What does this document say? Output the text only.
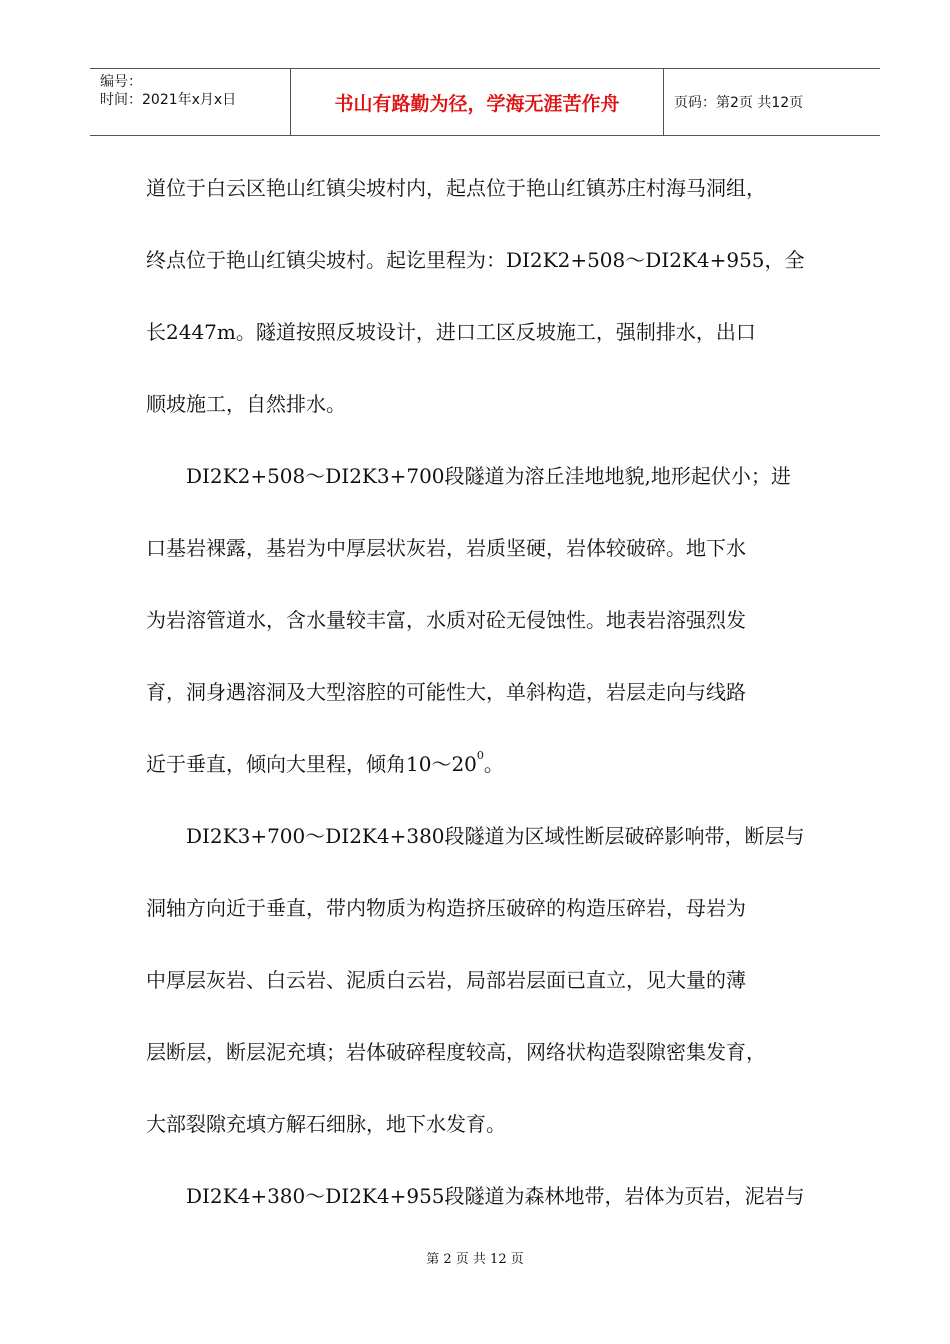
编号：
时间：2021年x月x日	书山有路勤为径，学海无涯苦作舟	页码：第2页 共12页
道位于白云区艳山红镇尖坡村内，起点位于艳山红镇苏庄村海马洞组，
终点位于艳山红镇尖坡村。起讫里程为：DI2K2+508～DI2K4+955，全
长2447m。隧道按照反坡设计，进口工区反坡施工，强制排水，出口
顺坡施工，自然排水。
DI2K2+508～DI2K3+700段隧道为溶丘洼地地貌,地形起伏小；进
口基岩裸露，基岩为中厚层状灰岩，岩质坚硬，岩体较破碎。地下水
为岩溶管道水，含水量较丰富，水质对砼无侵蚀性。地表岩溶强烈发
育，洞身遇溶洞及大型溶腔的可能性大，单斜构造，岩层走向与线路
近于垂直，倾向大里程，倾角$10\sim 20^0$。
DI2K3+700～DI2K4+380段隧道为区域性断层破碎影响带，断层与
洞轴方向近于垂直，带内物质为构造挤压破碎的构造压碎岩，母岩为
中厚层灰岩、白云岩、泥质白云岩，局部岩层面已直立，见大量的薄
层断层，断层泥充填；岩体破碎程度较高，网络状构造裂隙密集发育，
大部裂隙充填方解石细脉，地下水发育。
DI2K4+380～DI2K4+955段隧道为森林地带，岩体为页岩，泥岩与
第 2 页 共 12 页
